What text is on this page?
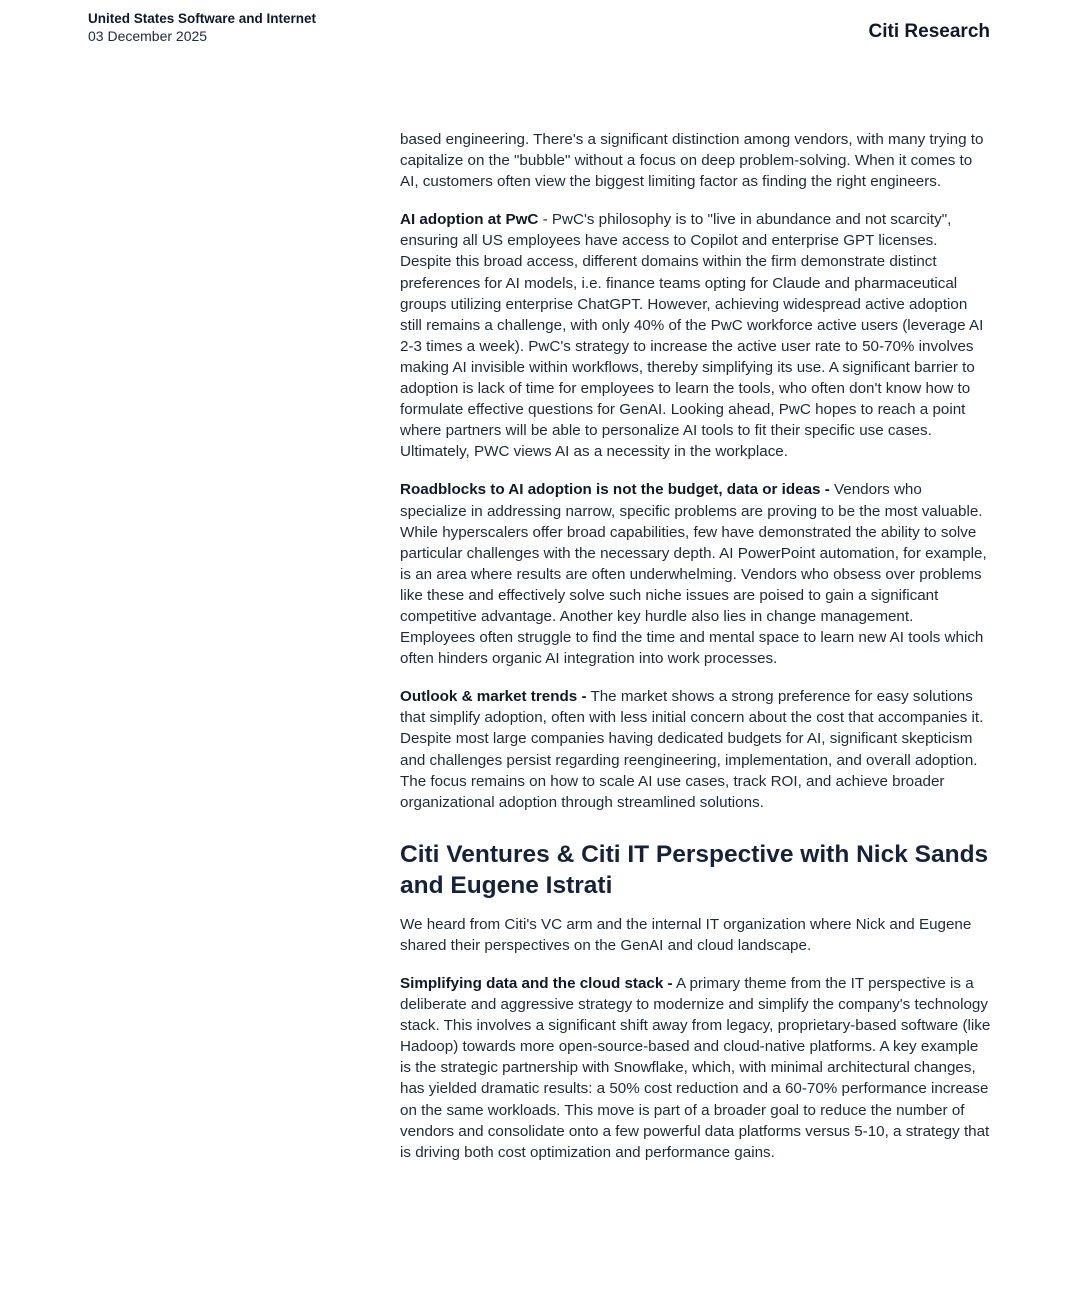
United States Software and Internet
03 December 2025	Citi Research

based engineering. There's a significant distinction among vendors, with many trying to capitalize on the "bubble" without a focus on deep problem-solving. When it comes to AI, customers often view the biggest limiting factor as finding the right engineers.

AI adoption at PwC - PwC's philosophy is to "live in abundance and not scarcity", ensuring all US employees have access to Copilot and enterprise GPT licenses. Despite this broad access, different domains within the firm demonstrate distinct preferences for AI models, i.e. finance teams opting for Claude and pharmaceutical groups utilizing enterprise ChatGPT. However, achieving widespread active adoption still remains a challenge, with only 40% of the PwC workforce active users (leverage AI 2-3 times a week). PwC's strategy to increase the active user rate to 50-70% involves making AI invisible within workflows, thereby simplifying its use. A significant barrier to adoption is lack of time for employees to learn the tools, who often don't know how to formulate effective questions for GenAI. Looking ahead, PwC hopes to reach a point where partners will be able to personalize AI tools to fit their specific use cases. Ultimately, PWC views AI as a necessity in the workplace.

Roadblocks to AI adoption is not the budget, data or ideas - Vendors who specialize in addressing narrow, specific problems are proving to be the most valuable. While hyperscalers offer broad capabilities, few have demonstrated the ability to solve particular challenges with the necessary depth. AI PowerPoint automation, for example, is an area where results are often underwhelming. Vendors who obsess over problems like these and effectively solve such niche issues are poised to gain a significant competitive advantage. Another key hurdle also lies in change management. Employees often struggle to find the time and mental space to learn new AI tools which often hinders organic AI integration into work processes.

Outlook & market trends - The market shows a strong preference for easy solutions that simplify adoption, often with less initial concern about the cost that accompanies it. Despite most large companies having dedicated budgets for AI, significant skepticism and challenges persist regarding reengineering, implementation, and overall adoption. The focus remains on how to scale AI use cases, track ROI, and achieve broader organizational adoption through streamlined solutions.

Citi Ventures & Citi IT Perspective with Nick Sands and Eugene Istrati

We heard from Citi's VC arm and the internal IT organization where Nick and Eugene shared their perspectives on the GenAI and cloud landscape.

Simplifying data and the cloud stack - A primary theme from the IT perspective is a deliberate and aggressive strategy to modernize and simplify the company's technology stack. This involves a significant shift away from legacy, proprietary-based software (like Hadoop) towards more open-source-based and cloud-native platforms. A key example is the strategic partnership with Snowflake, which, with minimal architectural changes, has yielded dramatic results: a 50% cost reduction and a 60-70% performance increase on the same workloads. This move is part of a broader goal to reduce the number of vendors and consolidate onto a few powerful data platforms versus 5-10, a strategy that is driving both cost optimization and performance gains.
